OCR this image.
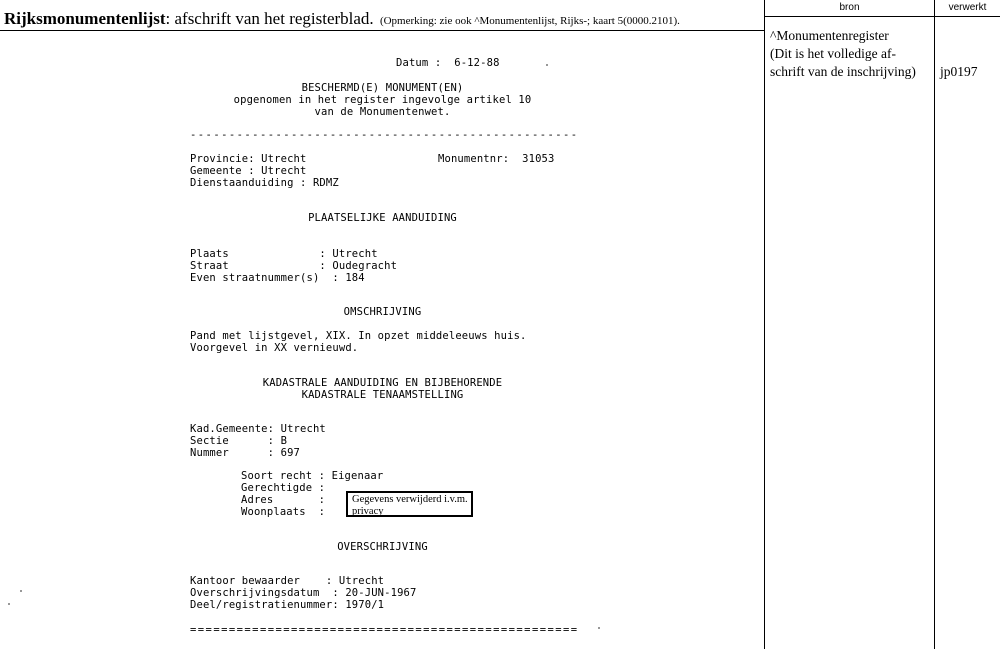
Rijksmonumentenlijst: afschrift van het registerblad. (Opmerking: zie ook ^Monumentenlijst, Rijks-; kaart 5(0000.2101).
bron	verwerkt
^Monumentenregister
(Dit is het volledige af-
schrift van de inschrijving) jp0197
Datum :  6-12-88
BESCHERMD(E) MONUMENT(EN)
opgenomen in het register ingevolge artikel 10
van de Monumentenwet.
--------------------------------------------------
Provincie: Utrecht	Monumentnr:  31053
Gemeente : Utrecht
Dienstaanduiding : RDMZ
PLAATSELIJKE AANDUIDING
Plaats              : Utrecht
Straat              : Oudegracht
Even straatnummer(s)  : 184
OMSCHRIJVING
Pand met lijstgevel, XIX. In opzet middeleeuws huis.
Voorgevel in XX vernieuwd.
KADASTRALE AANDUIDING EN BIJBEHORENDE
KADASTRALE TENAAMSTELLING
Kad.Gemeente: Utrecht
Sectie      : B
Nummer      : 697
Soort recht : Eigenaar
Gerechtigde :
Adres       :
Woonplaats  :
Gegevens verwijderd i.v.m.
privacy
OVERSCHRIJVING
Kantoor bewaarder    : Utrecht
Overschrijvingsdatum  : 20-JUN-1967
Deel/registratienummer: 1970/1
==================================================
